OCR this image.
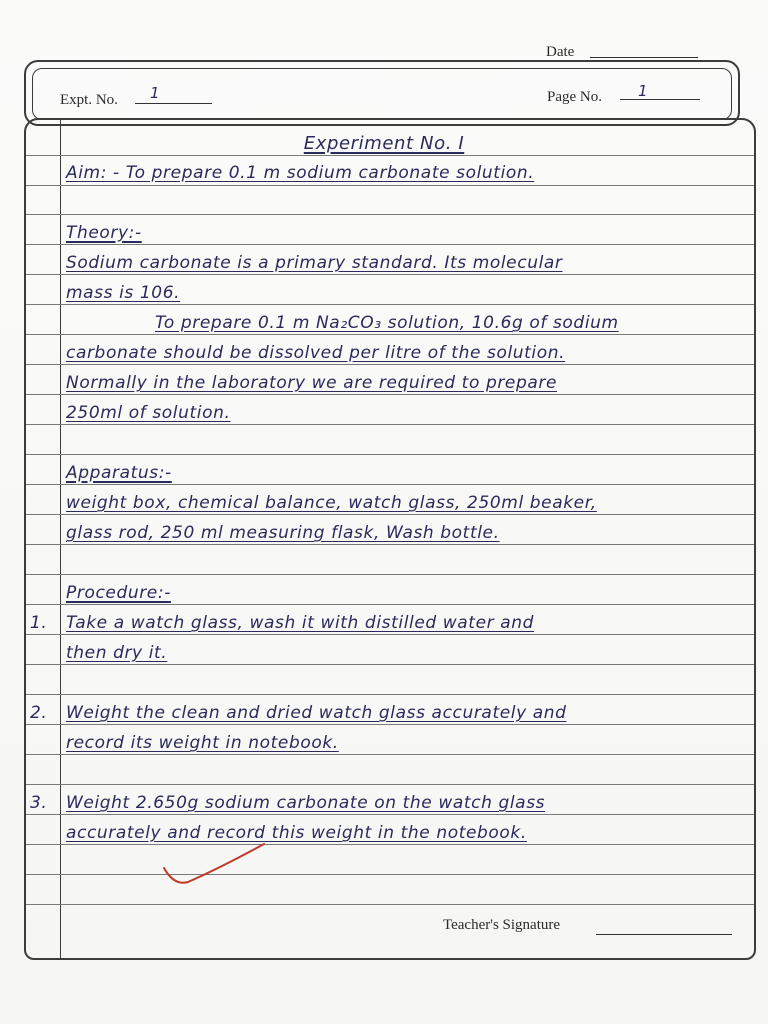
Date
Expt. No. 1	Page No. 1
Experiment No. I
Aim: - To prepare 0.1 m sodium carbonate solution.
Theory:-
Sodium carbonate is a primary standard. Its molecular
mass is 106.
To prepare 0.1 m Na₂CO₃ solution, 10.6g of sodium
carbonate should be dissolved per litre of the solution.
Normally in the laboratory we are required to prepare
250ml of solution.
Apparatus:-
weight box, chemical balance, watch glass, 250ml beaker,
glass rod, 250 ml measuring flask, Wash bottle.
Procedure:-
1. Take a watch glass, wash it with distilled water and
then dry it.
2. Weight the clean and dried watch glass accurately and
record its weight in notebook.
3. Weight 2.650g sodium carbonate on the watch glass
accurately and record this weight in the notebook.
Teacher's Signature
